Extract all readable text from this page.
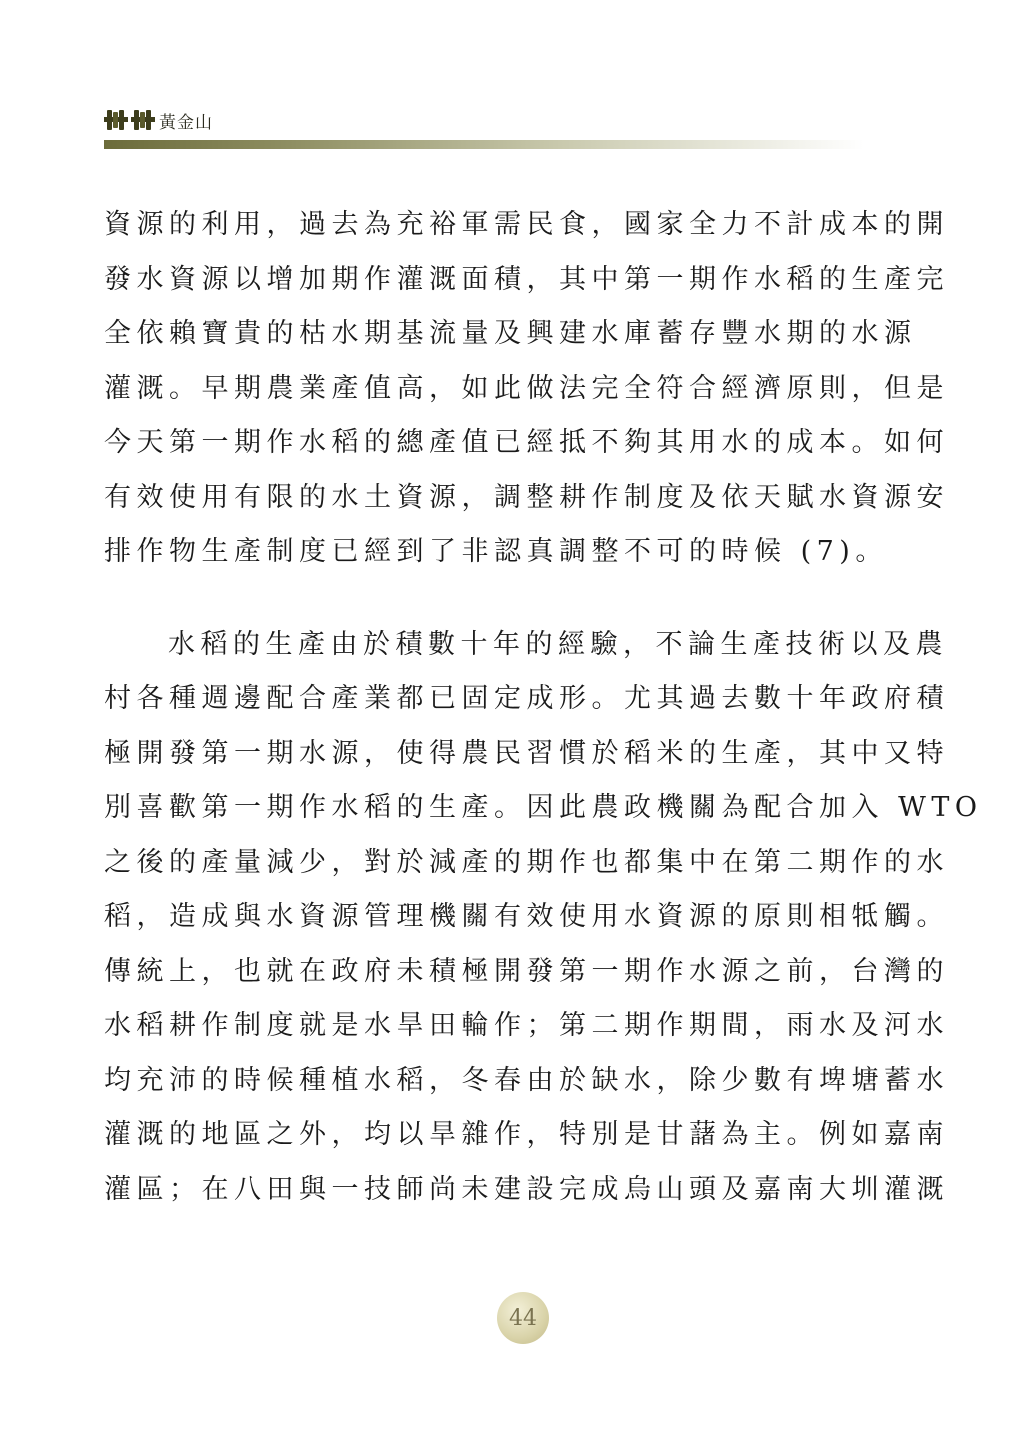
黃金山
資源的利用，過去為充裕軍需民食，國家全力不計成本的開
發水資源以增加期作灌溉面積，其中第一期作水稻的生產完
全依賴寶貴的枯水期基流量及興建水庫蓄存豐水期的水源
灌溉。早期農業產值高，如此做法完全符合經濟原則，但是
今天第一期作水稻的總產值已經抵不夠其用水的成本。如何
有效使用有限的水土資源，調整耕作制度及依天賦水資源安
排作物生產制度已經到了非認真調整不可的時候 (7)。
水稻的生產由於積數十年的經驗，不論生產技術以及農
村各種週邊配合產業都已固定成形。尤其過去數十年政府積
極開發第一期水源，使得農民習慣於稻米的生產，其中又特
別喜歡第一期作水稻的生產。因此農政機關為配合加入 WTO
之後的產量減少，對於減產的期作也都集中在第二期作的水
稻，造成與水資源管理機關有效使用水資源的原則相牴觸。
傳統上，也就在政府未積極開發第一期作水源之前，台灣的
水稻耕作制度就是水旱田輪作；第二期作期間，雨水及河水
均充沛的時候種植水稻，冬春由於缺水，除少數有埤塘蓄水
灌溉的地區之外，均以旱雜作，特別是甘藷為主。例如嘉南
灌區；在八田與一技師尚未建設完成烏山頭及嘉南大圳灌溉
44
